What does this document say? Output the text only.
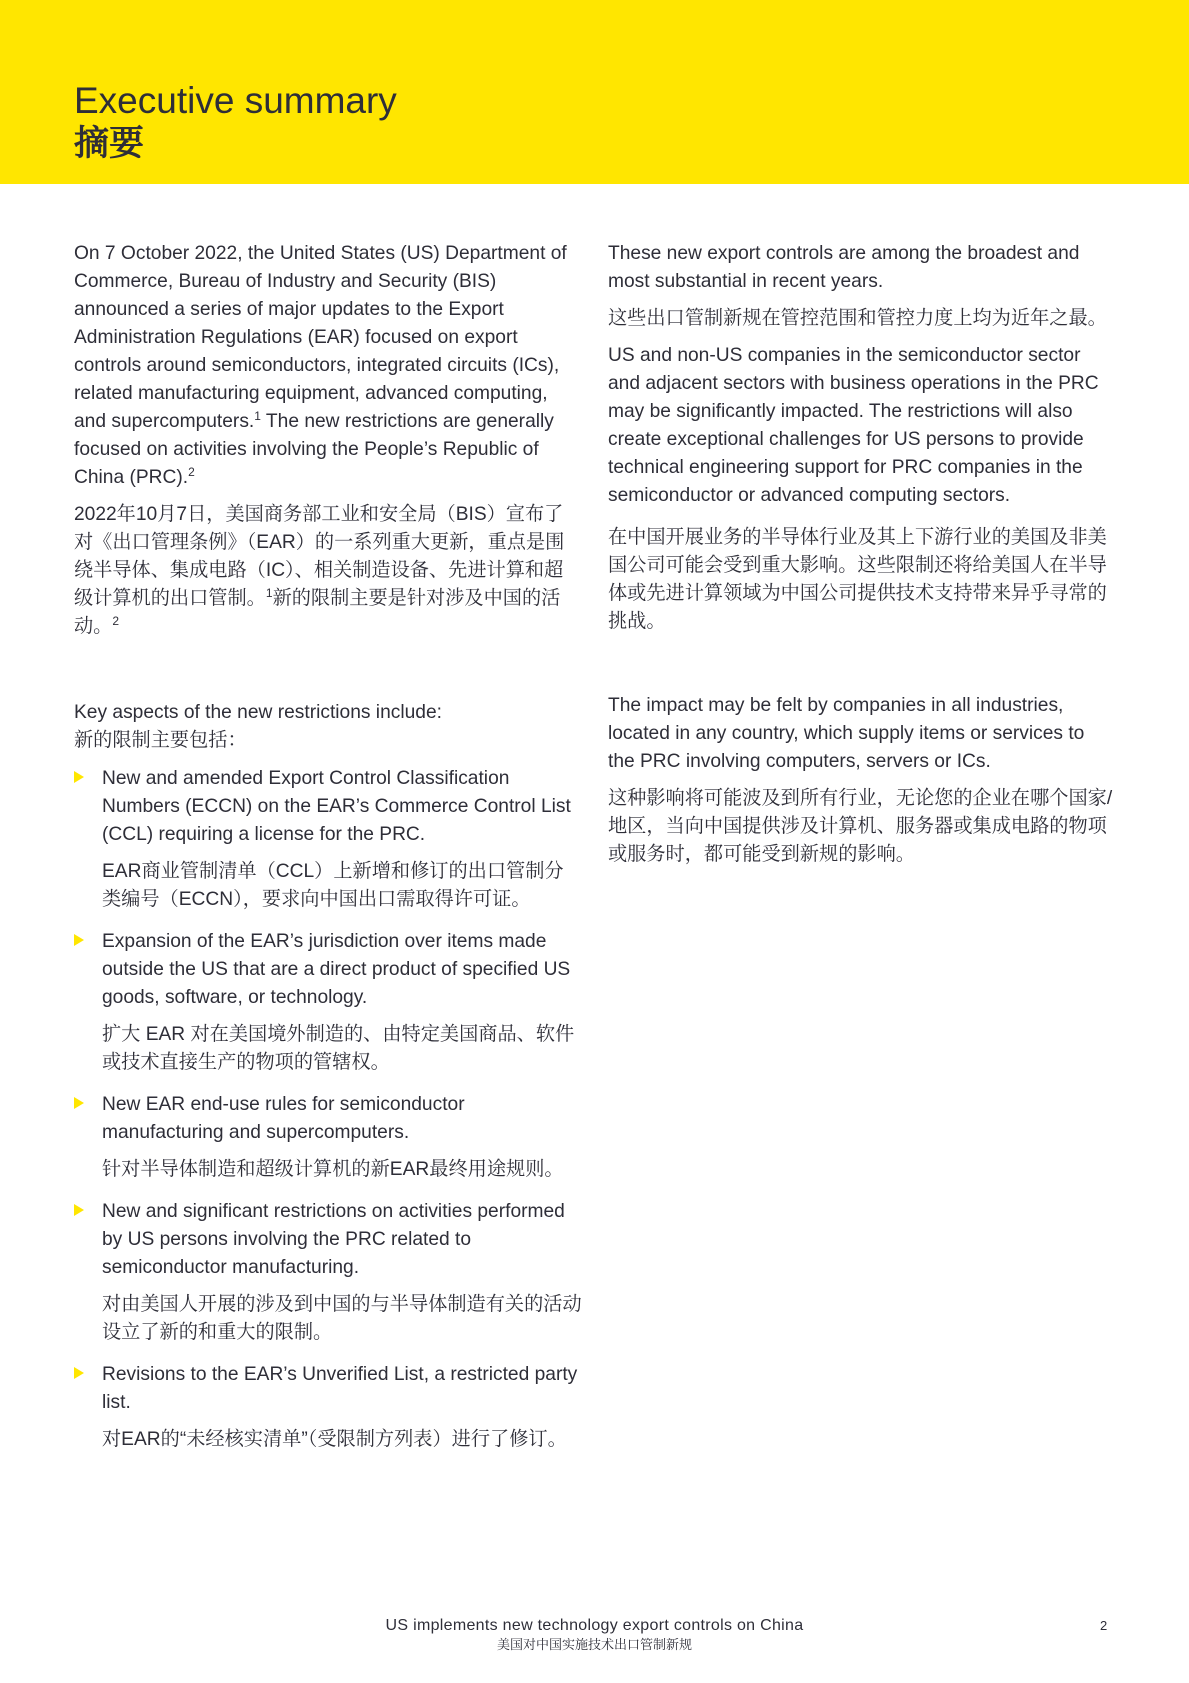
Executive summary
摘要

On 7 October 2022, the United States (US) Department of Commerce, Bureau of Industry and Security (BIS) announced a series of major updates to the Export Administration Regulations (EAR) focused on export controls around semiconductors, integrated circuits (ICs), related manufacturing equipment, advanced computing, and supercomputers.$^1$ The new restrictions are generally focused on activities involving the People’s Republic of China (PRC).$^2$

2022年10月7日，美国商务部工业和安全局（BIS）宣布了对《出口管理条例》（EAR）的一系列重大更新，重点是围绕半导体、集成电路（IC）、相关制造设备、先进计算和超级计算机的出口管制。$^1$新的限制主要是针对涉及中国的活动。$^2$

Key aspects of the new restrictions include:

新的限制主要包括：

New and amended Export Control Classification Numbers (ECCN) on the EAR’s Commerce Control List (CCL) requiring a license for the PRC.

EAR商业管制清单（CCL）上新增和修订的出口管制分类编号（ECCN），要求向中国出口需取得许可证。

Expansion of the EAR’s jurisdiction over items made outside the US that are a direct product of specified US goods, software, or technology.

扩大 EAR 对在美国境外制造的、由特定美国商品、软件或技术直接生产的物项的管辖权。

New EAR end-use rules for semiconductor manufacturing and supercomputers.

针对半导体制造和超级计算机的新EAR最终用途规则。

New and significant restrictions on activities performed by US persons involving the PRC related to semiconductor manufacturing.

对由美国人开展的涉及到中国的与半导体制造有关的活动设立了新的和重大的限制。

Revisions to the EAR’s Unverified List, a restricted party list.

对EAR的“未经核实清单”（受限制方列表）进行了修订。

These new export controls are among the broadest and most substantial in recent years.

这些出口管制新规在管控范围和管控力度上均为近年之最。

US and non-US companies in the semiconductor sector and adjacent sectors with business operations in the PRC may be significantly impacted. The restrictions will also create exceptional challenges for US persons to provide technical engineering support for PRC companies in the semiconductor or advanced computing sectors.

在中国开展业务的半导体行业及其上下游行业的美国及非美国公司可能会受到重大影响。这些限制还将给美国人在半导体或先进计算领域为中国公司提供技术支持带来异乎寻常的挑战。

The impact may be felt by companies in all industries, located in any country, which supply items or services to the PRC involving computers, servers or ICs.

这种影响将可能波及到所有行业，无论您的企业在哪个国家/地区，当向中国提供涉及计算机、服务器或集成电路的物项或服务时，都可能受到新规的影响。

US implements new technology export controls on China
美国对中国实施技术出口管制新规
2
